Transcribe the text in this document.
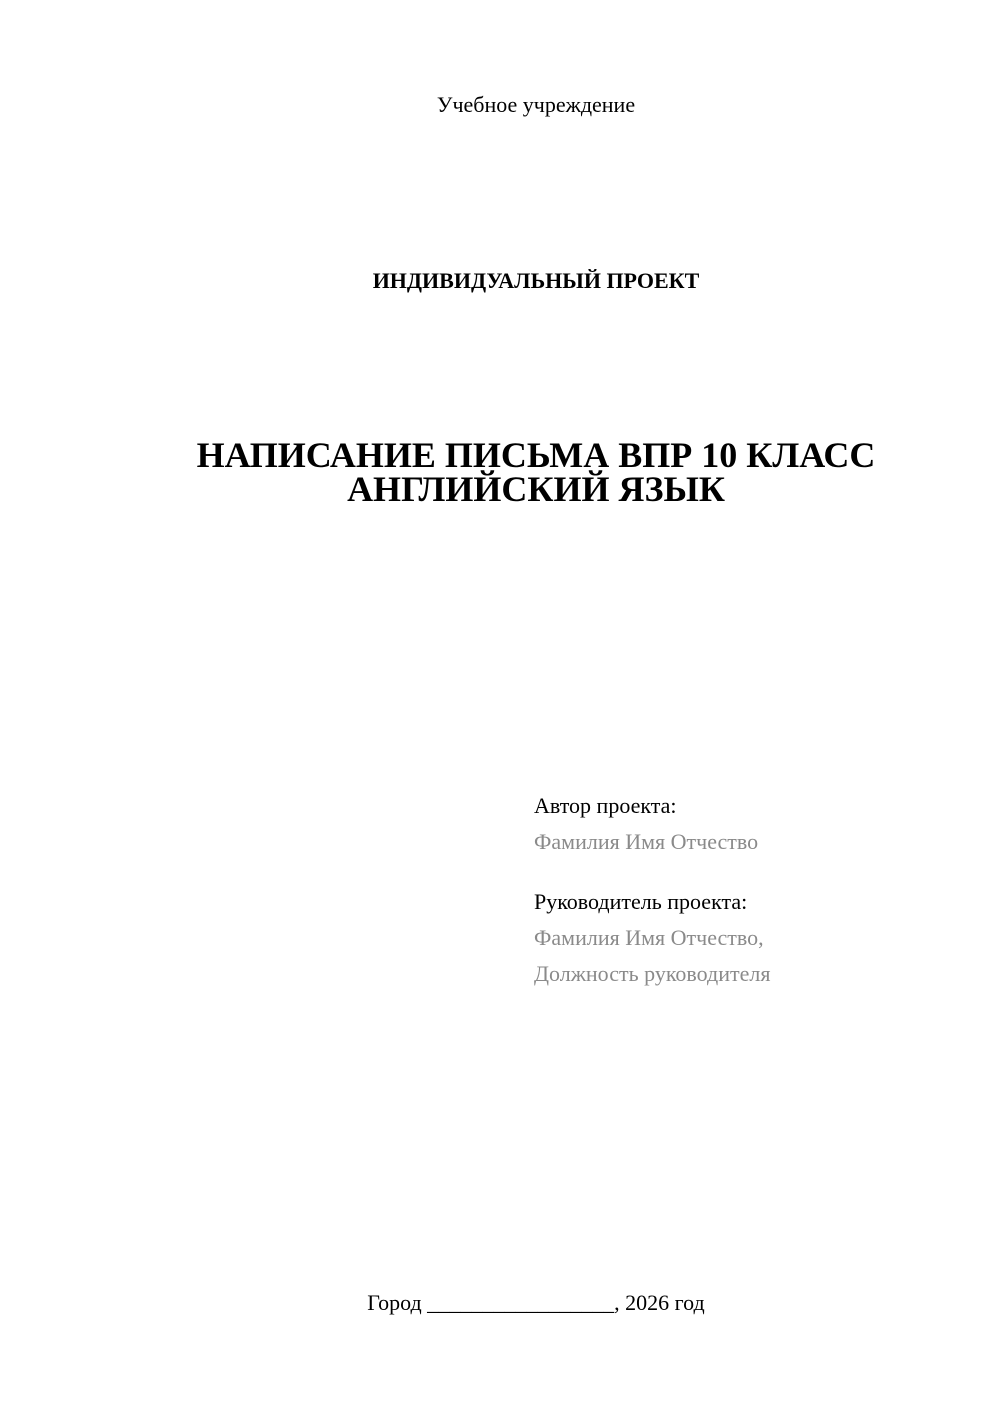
Учебное учреждение
ИНДИВИДУАЛЬНЫЙ ПРОЕКТ
НАПИСАНИЕ ПИСЬМА ВПР 10 КЛАСС
АНГЛИЙСКИЙ ЯЗЫК
Автор проекта:
Фамилия Имя Отчество
Руководитель проекта:
Фамилия Имя Отчество,
Должность руководителя
Город _________________, 2026 год
